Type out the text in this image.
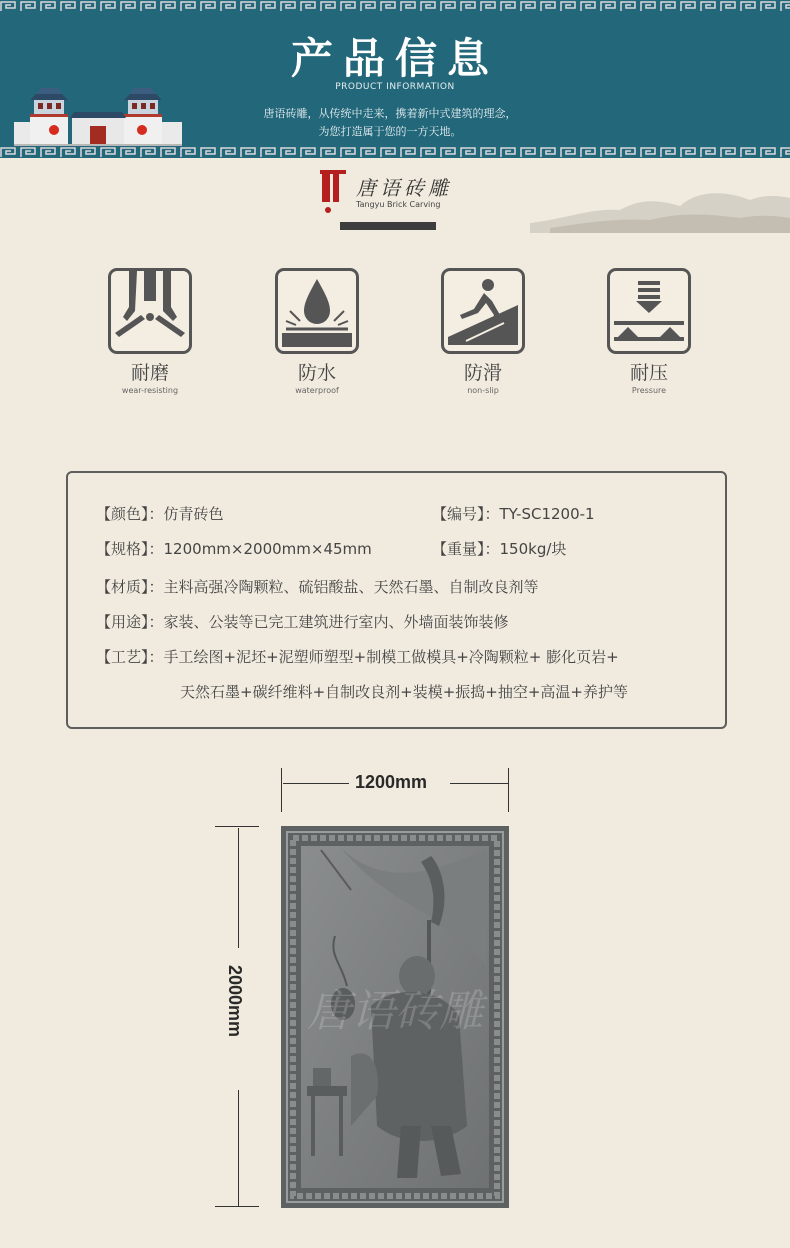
产品信息
PRODUCT INFORMATION
唐语砖雕，从传统中走来，携着新中式建筑的理念，
为您打造属于您的一方天地。
唐语砖雕
Tangyu Brick Carving
耐磨
wear-resisting
防水
waterproof
防滑
non-slip
耐压
Pressure
【颜色】：仿青砖色	【编号】：TY-SC1200-1
【规格】：1200mm×2000mm×45mm	【重量】：150kg/块
【材质】：主料高强冷陶颗粒、硫铝酸盐、天然石墨、自制改良剂等
【用途】：家装、公装等已完工建筑进行室内、外墙面装饰装修
【工艺】：手工绘图+泥坯+泥塑师塑型+制模工做模具+冷陶颗粒+ 膨化页岩+
天然石墨+碳纤维料+自制改良剂+装模+振捣+抽空+高温+养护等
1200mm
2000mm 唐语砖雕
